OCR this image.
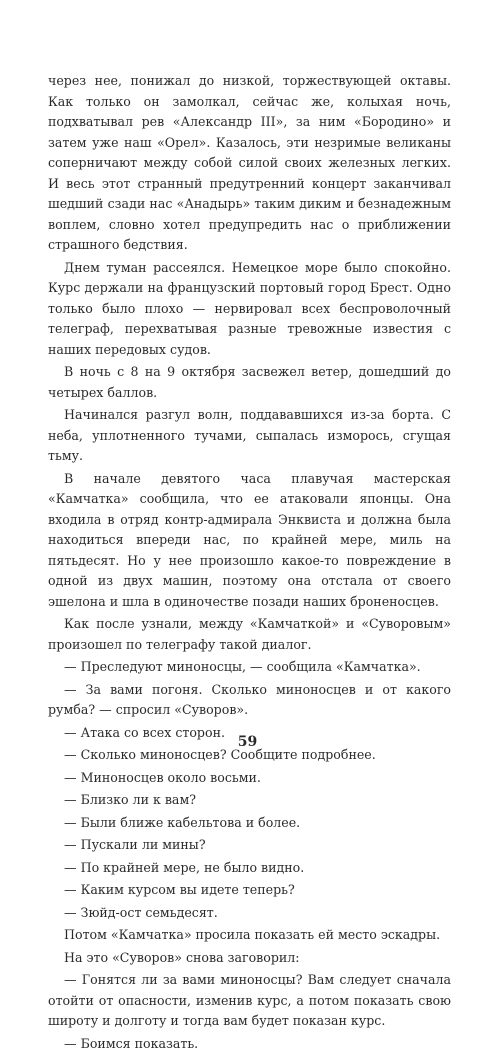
через нее, понижал до низкой, торжествующей октавы. Как только он замолкал, сейчас же, колыхая ночь, подхватывал рев «Александр III», за ним «Бородино» и затем уже наш «Орел». Казалось, эти незримые великаны соперничают между собой силой своих железных легких. И весь этот странный предутренний концерт заканчивал шедший сзади нас «Анадырь» таким диким и безнадежным воплем, словно хотел предупредить нас о приближении страшного бедствия.

Днем туман рассеялся. Немецкое море было спокойно. Курс держали на французский портовый город Брест. Одно только было плохо — нервировал всех беспроволочный телеграф, перехватывая разные тревожные известия с наших передовых судов.

В ночь с 8 на 9 октября засвежел ветер, дошедший до четырех баллов.

Начинался разгул волн, поддававшихся из-за борта. С неба, уплотненного тучами, сыпалась изморось, сгущая тьму.

В начале девятого часа плавучая мастерская «Камчатка» сообщила, что ее атаковали японцы. Она входила в отряд контр-адмирала Энквиста и должна была находиться впереди нас, по крайней мере, миль на пятьдесят. Но у нее произошло какое-то повреждение в одной из двух машин, поэтому она отстала от своего эшелона и шла в одиночестве позади наших броненосцев.

Как после узнали, между «Камчаткой» и «Суворовым» произошел по телеграфу такой диалог.

— Преследуют миноносцы, — сообщила «Камчатка».

— За вами погоня. Сколько миноносцев и от какого румба? — спросил «Суворов».

— Атака со всех сторон.

— Сколько миноносцев? Сообщите подробнее.

— Миноносцев около восьми.

— Близко ли к вам?

— Были ближе кабельтова и более.

— Пускали ли мины?

— По крайней мере, не было видно.

— Каким курсом вы идете теперь?

— Зюйд-ост семьдесят.

Потом «Камчатка» просила показать ей место эскадры.

На это «Суворов» снова заговорил:

— Гонятся ли за вами миноносцы? Вам следует сначала отойти от опасности, изменив курс, а потом показать свою широту и долготу и тогда вам будет показан курс.

— Боимся показать.

59
